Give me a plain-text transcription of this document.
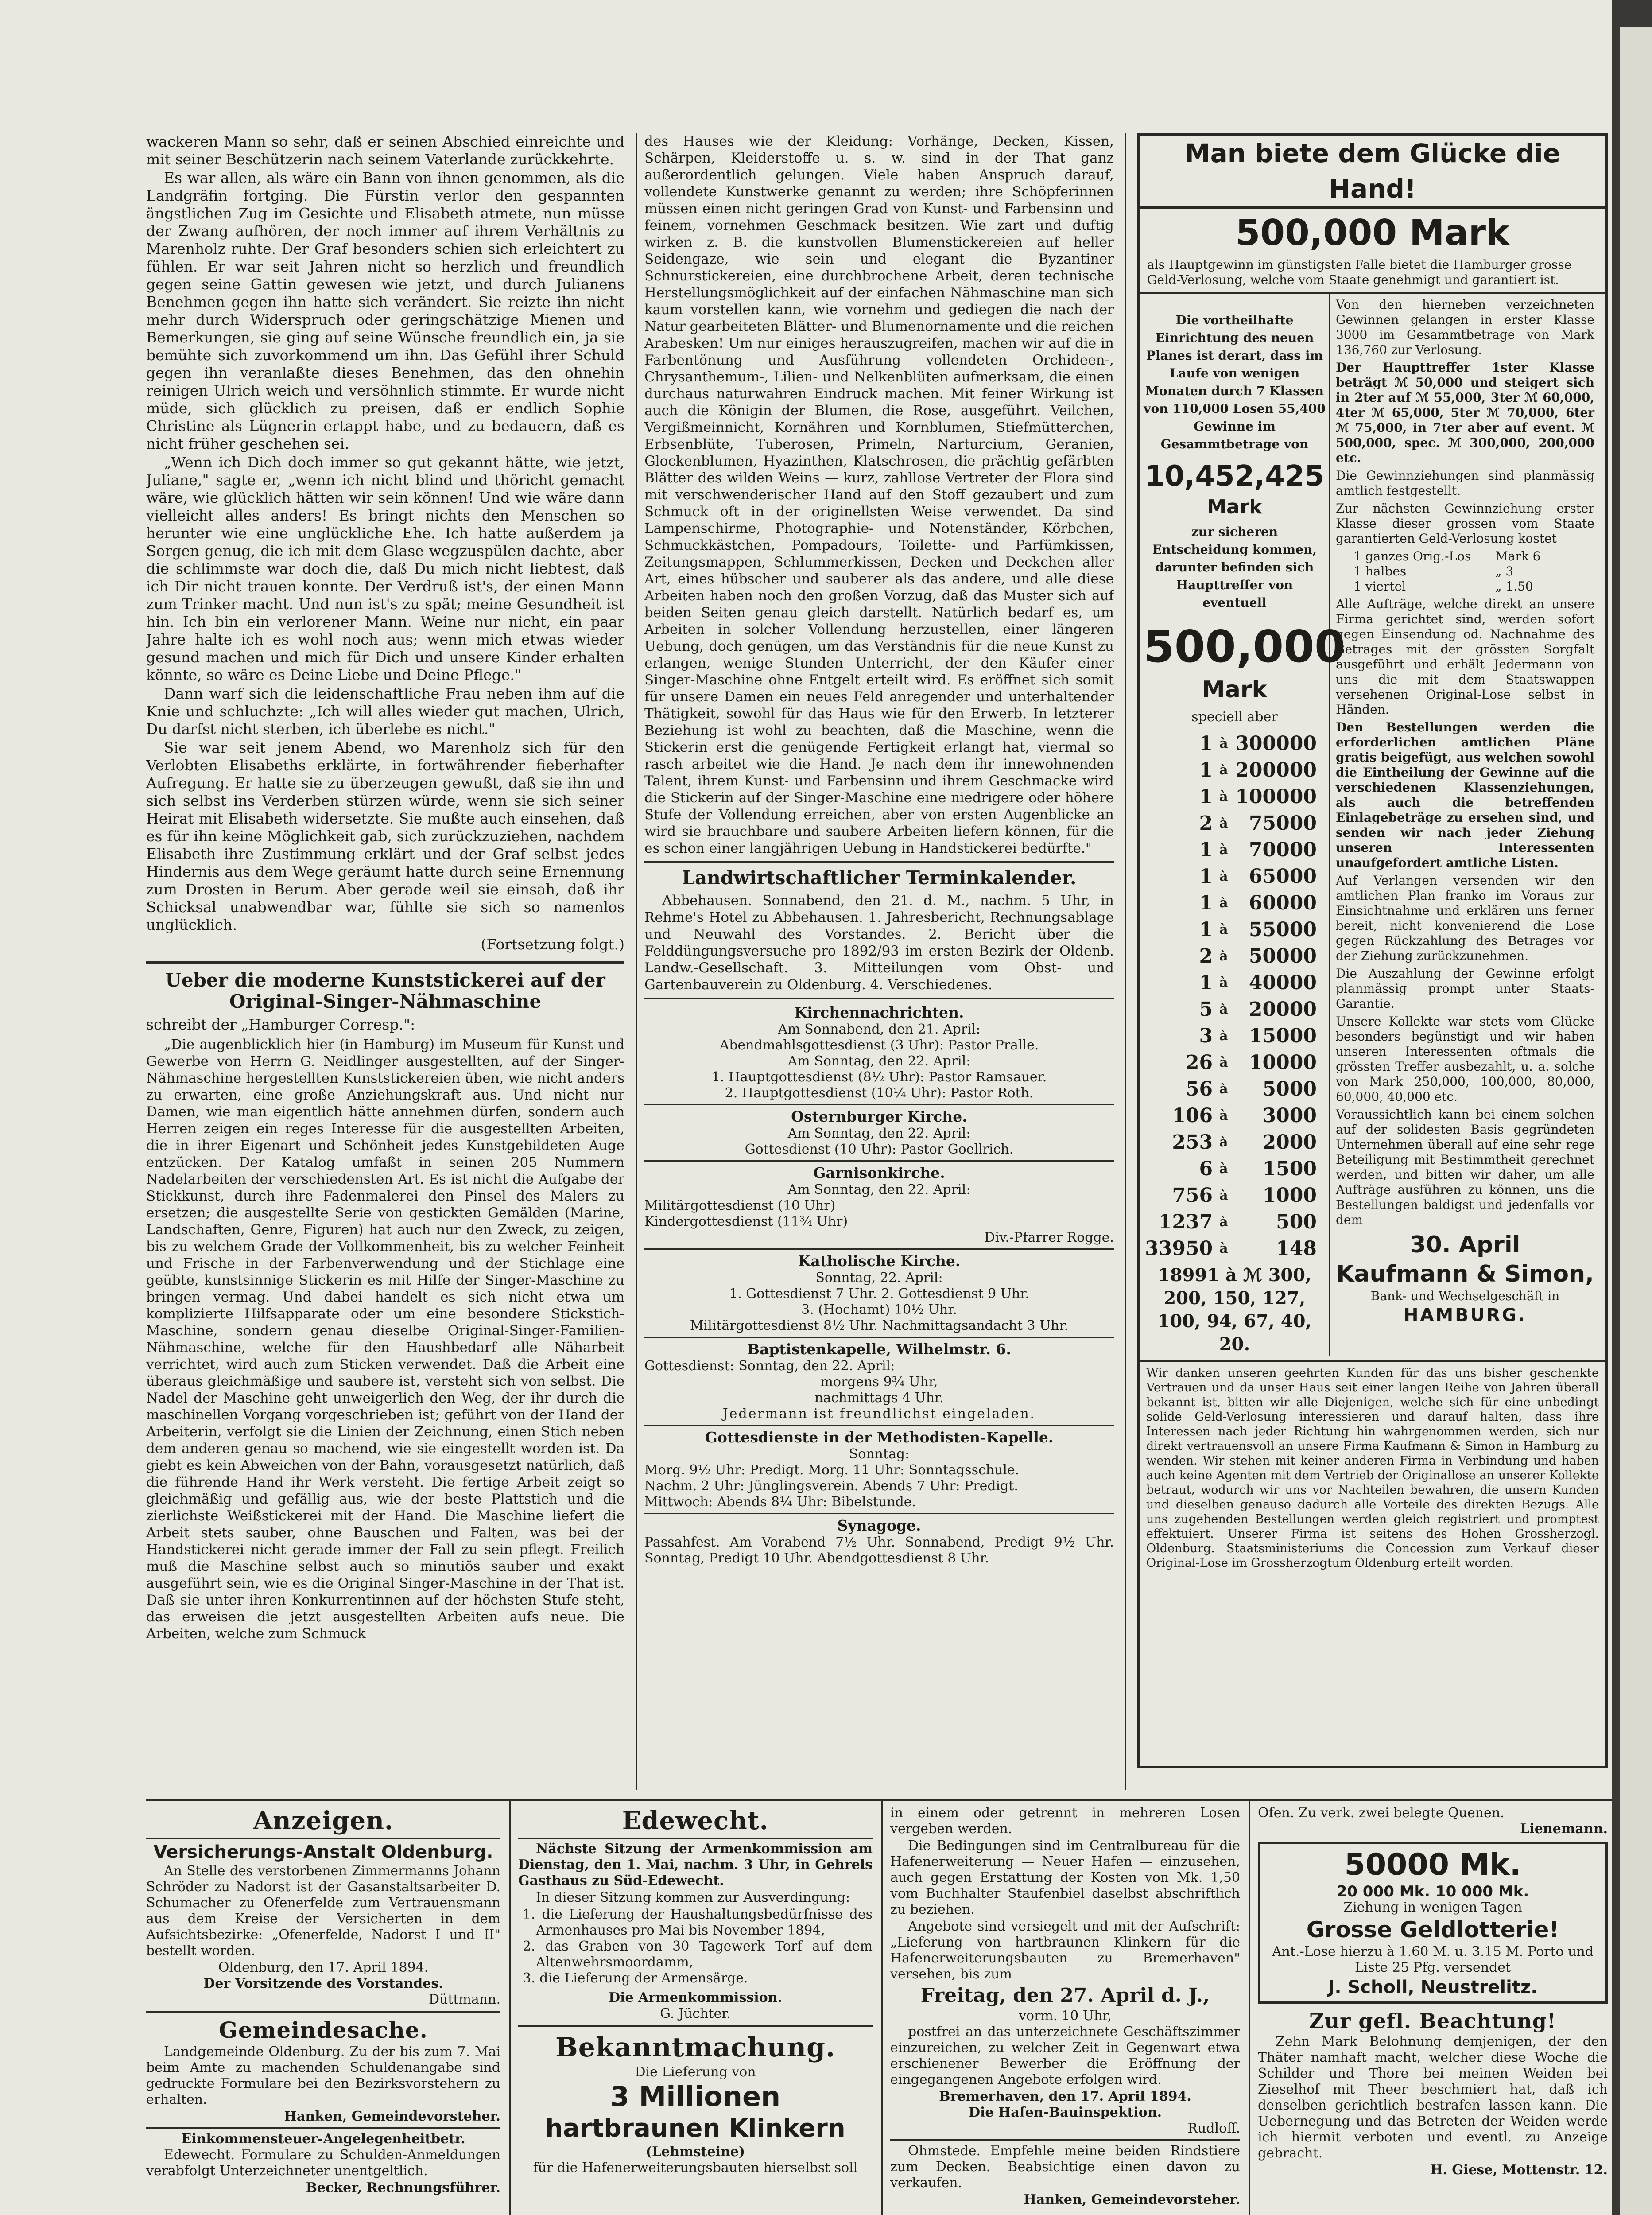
wackeren Mann so sehr, daß er seinen Abschied einreichte und mit seiner Beschützerin nach seinem Vaterlande zurückkehrte.

Es war allen, als wäre ein Bann von ihnen genommen, als die Landgräfin fortging. Die Fürstin verlor den gespannten ängstlichen Zug im Gesichte und Elisabeth atmete, nun müsse der Zwang aufhören, der noch immer auf ihrem Verhältnis zu Marenholz ruhte. Der Graf besonders schien sich erleichtert zu fühlen. Er war seit Jahren nicht so herzlich und freundlich gegen seine Gattin gewesen wie jetzt, und durch Julianens Benehmen gegen ihn hatte sich verändert. Sie reizte ihn nicht mehr durch Widerspruch oder geringschätzige Mienen und Bemerkungen, sie ging auf seine Wünsche freundlich ein, ja sie bemühte sich zuvorkommend um ihn. Das Gefühl ihrer Schuld gegen ihn veranlaßte dieses Benehmen, das den ohnehin reinigen Ulrich weich und versöhnlich stimmte. Er wurde nicht müde, sich glücklich zu preisen, daß er endlich Sophie Christine als Lügnerin ertappt habe, und zu bedauern, daß es nicht früher geschehen sei.

„Wenn ich Dich doch immer so gut gekannt hätte, wie jetzt, Juliane," sagte er, „wenn ich nicht blind und thöricht gemacht wäre, wie glücklich hätten wir sein können! Und wie wäre dann vielleicht alles anders! Es bringt nichts den Menschen so herunter wie eine unglückliche Ehe. Ich hatte außerdem ja Sorgen genug, die ich mit dem Glase wegzuspülen dachte, aber die schlimmste war doch die, daß Du mich nicht liebtest, daß ich Dir nicht trauen konnte. Der Verdruß ist's, der einen Mann zum Trinker macht. Und nun ist's zu spät; meine Gesundheit ist hin. Ich bin ein verlorener Mann. Weine nur nicht, ein paar Jahre halte ich es wohl noch aus; wenn mich etwas wieder gesund machen und mich für Dich und unsere Kinder erhalten könnte, so wäre es Deine Liebe und Deine Pflege."

Dann warf sich die leidenschaftliche Frau neben ihm auf die Knie und schluchzte: „Ich will alles wieder gut machen, Ulrich, Du darfst nicht sterben, ich überlebe es nicht."

Sie war seit jenem Abend, wo Marenholz sich für den Verlobten Elisabeths erklärte, in fortwährender fieberhafter Aufregung. Er hatte sie zu überzeugen gewußt, daß sie ihn und sich selbst ins Verderben stürzen würde, wenn sie sich seiner Heirat mit Elisabeth widersetzte. Sie mußte auch einsehen, daß es für ihn keine Möglichkeit gab, sich zurückzuziehen, nachdem Elisabeth ihre Zustimmung erklärt und der Graf selbst jedes Hindernis aus dem Wege geräumt hatte durch seine Ernennung zum Drosten in Berum. Aber gerade weil sie einsah, daß ihr Schicksal unabwendbar war, fühlte sie sich so namenlos unglücklich.

(Fortsetzung folgt.)
Ueber die moderne Kunststickerei auf der Original-Singer-Nähmaschine
schreibt der „Hamburger Corresp.":

„Die augenblicklich hier (in Hamburg) im Museum für Kunst und Gewerbe von Herrn G. Neidlinger ausgestellten, auf der Singer-Nähmaschine hergestellten Kunststickereien üben, wie nicht anders zu erwarten, eine große Anziehungskraft aus. Und nicht nur Damen, wie man eigentlich hätte annehmen dürfen, sondern auch Herren zeigen ein reges Interesse für die ausgestellten Arbeiten, die in ihrer Eigenart und Schönheit jedes Kunstgebildeten Auge entzücken. Der Katalog umfaßt in seinen 205 Nummern Nadelarbeiten der verschiedensten Art. Es ist nicht die Aufgabe der Stickkunst, durch ihre Fadenmalerei den Pinsel des Malers zu ersetzen; die ausgestellte Serie von gestickten Gemälden (Marine, Landschaften, Genre, Figuren) hat auch nur den Zweck, zu zeigen, bis zu welchem Grade der Vollkommenheit, bis zu welcher Feinheit und Frische in der Farbenverwendung und der Stichlage eine geübte, kunstsinnige Stickerin es mit Hilfe der Singer-Maschine zu bringen vermag. Und dabei handelt es sich nicht etwa um komplizierte Hilfsapparate oder um eine besondere Stickstich-Maschine, sondern genau dieselbe Original-Singer-Familien-Nähmaschine, welche für den Haushbedarf alle Näharbeit verrichtet, wird auch zum Sticken verwendet. Daß die Arbeit eine überaus gleichmäßige und saubere ist, versteht sich von selbst. Die Nadel der Maschine geht unweigerlich den Weg, der ihr durch die maschinellen Vorgang vorgeschrieben ist; geführt von der Hand der Arbeiterin, verfolgt sie die Linien der Zeichnung, einen Stich neben dem anderen genau so machend, wie sie eingestellt worden ist. Da giebt es kein Abweichen von der Bahn, vorausgesetzt natürlich, daß die führende Hand ihr Werk versteht. Die fertige Arbeit zeigt so gleichmäßig und gefällig aus, wie der beste Plattstich und die zierlichste Weißstickerei mit der Hand. Die Maschine liefert die Arbeit stets sauber, ohne Bauschen und Falten, was bei der Handstickerei nicht gerade immer der Fall zu sein pflegt. Freilich muß die Maschine selbst auch so minutiös sauber und exakt ausgeführt sein, wie es die Original Singer-Maschine in der That ist. Daß sie unter ihren Konkurrentinnen auf der höchsten Stufe steht, das erweisen die jetzt ausgestellten Arbeiten aufs neue. Die Arbeiten, welche zum Schmuck

des Hauses wie der Kleidung: Vorhänge, Decken, Kissen, Schärpen, Kleiderstoffe u. s. w. sind in der That ganz außerordentlich gelungen. Viele haben Anspruch darauf, vollendete Kunstwerke genannt zu werden; ihre Schöpferinnen müssen einen nicht geringen Grad von Kunst- und Farbensinn und feinem, vornehmen Geschmack besitzen. Wie zart und duftig wirken z. B. die kunstvollen Blumenstickereien auf heller Seidengaze, wie sein und elegant die Byzantiner Schnurstickereien, eine durchbrochene Arbeit, deren technische Herstellungsmöglichkeit auf der einfachen Nähmaschine man sich kaum vorstellen kann, wie vornehm und gediegen die nach der Natur gearbeiteten Blätter- und Blumenornamente und die reichen Arabesken! Um nur einiges herauszugreifen, machen wir auf die in Farbentönung und Ausführung vollendeten Orchideen-, Chrysanthemum-, Lilien- und Nelkenblüten aufmerksam, die einen durchaus naturwahren Eindruck machen. Mit feiner Wirkung ist auch die Königin der Blumen, die Rose, ausgeführt. Veilchen, Vergißmeinnicht, Kornähren und Kornblumen, Stiefmütterchen, Erbsenblüte, Tuberosen, Primeln, Narturcium, Geranien, Glockenblumen, Hyazinthen, Klatschrosen, die prächtig gefärbten Blätter des wilden Weins — kurz, zahllose Vertreter der Flora sind mit verschwenderischer Hand auf den Stoff gezaubert und zum Schmuck oft in der originellsten Weise verwendet. Da sind Lampenschirme, Photographie- und Notenständer, Körbchen, Schmuckkästchen, Pompadours, Toilette- und Parfümkissen, Zeitungsmappen, Schlummerkissen, Decken und Deckchen aller Art, eines hübscher und sauberer als das andere, und alle diese Arbeiten haben noch den großen Vorzug, daß das Muster sich auf beiden Seiten genau gleich darstellt. Natürlich bedarf es, um Arbeiten in solcher Vollendung herzustellen, einer längeren Uebung, doch genügen, um das Verständnis für die neue Kunst zu erlangen, wenige Stunden Unterricht, der den Käufer einer Singer-Maschine ohne Entgelt erteilt wird. Es eröffnet sich somit für unsere Damen ein neues Feld anregender und unterhaltender Thätigkeit, sowohl für das Haus wie für den Erwerb. In letzterer Beziehung ist wohl zu beachten, daß die Maschine, wenn die Stickerin erst die genügende Fertigkeit erlangt hat, viermal so rasch arbeitet wie die Hand. Je nach dem ihr innewohnenden Talent, ihrem Kunst- und Farbensinn und ihrem Geschmacke wird die Stickerin auf der Singer-Maschine eine niedrigere oder höhere Stufe der Vollendung erreichen, aber von ersten Augenblicke an wird sie brauchbare und saubere Arbeiten liefern können, für die es schon einer langjährigen Uebung in Handstickerei bedürfte."

Landwirtschaftlicher Terminkalender.

Abbehausen. Sonnabend, den 21. d. M., nachm. 5 Uhr, in Rehme's Hotel zu Abbehausen. 1. Jahresbericht, Rechnungsablage und Neuwahl des Vorstandes. 2. Bericht über die Felddüngungsversuche pro 1892/93 im ersten Bezirk der Oldenb. Landw.-Gesellschaft. 3. Mitteilungen vom Obst- und Gartenbauverein zu Oldenburg. 4. Verschiedenes.

Kirchennachrichten.
Am Sonnabend, den 21. April:
Abendmahlsgottesdienst (3 Uhr): Pastor Pralle.
Am Sonntag, den 22. April:
1. Hauptgottesdienst (8½ Uhr): Pastor Ramsauer.
2. Hauptgottesdienst (10¼ Uhr): Pastor Roth.
Osternburger Kirche.
Am Sonntag, den 22. April:
Gottesdienst (10 Uhr): Pastor Goellrich.
Garnisonkirche.
Am Sonntag, den 22. April:
Militärgottesdienst (10 Uhr)
Kindergottesdienst (11¾ Uhr)
Div.-Pfarrer Rogge.
Katholische Kirche.
Sonntag, 22. April:
1. Gottesdienst 7 Uhr. 2. Gottesdienst 9 Uhr.
3. (Hochamt) 10½ Uhr.
Militärgottesdienst 8½ Uhr. Nachmittagsandacht 3 Uhr.
Baptistenkapelle, Wilhelmstr. 6.
Gottesdienst: Sonntag, den 22. April:
morgens 9¾ Uhr,
nachmittags 4 Uhr.
Jedermann ist freundlichst eingeladen.
Gottesdienste in der Methodisten-Kapelle.
Sonntag:
Morg. 9½ Uhr: Predigt. Morg. 11 Uhr: Sonntagsschule.
Nachm. 2 Uhr: Jünglingsverein. Abends 7 Uhr: Predigt.
Mittwoch: Abends 8¼ Uhr: Bibelstunde.
Synagoge.
Passahfest. Am Vorabend 7½ Uhr. Sonnabend, Predigt 9½ Uhr. Sonntag, Predigt 10 Uhr. Abendgottesdienst 8 Uhr.
Man biete dem Glücke die Hand!
500,000 Mark
als Hauptgewinn im günstigsten Falle bietet die Hamburger grosse Geld-Verlosung, welche vom Staate genehmigt und garantiert ist.
Die vortheilhafte Einrichtung des neuen Planes ist derart, dass im Laufe von wenigen Monaten durch 7 Klassen von 110,000 Losen 55,400 Gewinne im Gesammtbetrage von
10,452,425
Mark
zur sicheren Entscheidung kommen, darunter befinden sich Haupttreffer von eventuell
500,000
Mark
speciell aber
1	à	300000
1	à	200000
1	à	100000
2	à	75000
1	à	70000
1	à	65000
1	à	60000
1	à	55000
2	à	50000
1	à	40000
5	à	20000
3	à	15000
26	à	10000
56	à	5000
106	à	3000
253	à	2000
6	à	1500
756	à	1000
1237	à	500
33950	à	148
18991 à ℳ 300, 200, 150, 127, 100, 94, 67, 40, 20.

Von den hierneben verzeichneten Gewinnen gelangen in erster Klasse 3000 im Gesammtbetrage von Mark 136,760 zur Verlosung.

Der Haupttreffer 1ster Klasse beträgt ℳ 50,000 und steigert sich in 2ter auf ℳ 55,000, 3ter ℳ 60,000, 4ter ℳ 65,000, 5ter ℳ 70,000, 6ter ℳ 75,000, in 7ter aber auf event. ℳ 500,000, spec. ℳ 300,000, 200,000 etc.

Die Gewinnziehungen sind planmässig amtlich festgestellt.

Zur nächsten Gewinnziehung erster Klasse dieser grossen vom Staate garantierten Geld-Verlosung kostet

1 ganzes Orig.-Los	Mark 6
1 halbes	„ 3
1 viertel	„ 1.50

Alle Aufträge, welche direkt an unsere Firma gerichtet sind, werden sofort gegen Einsendung od. Nachnahme des Betrages mit der grössten Sorgfalt ausgeführt und erhält Jedermann von uns die mit dem Staatswappen versehenen Original-Lose selbst in Händen.

Den Bestellungen werden die erforderlichen amtlichen Pläne gratis beigefügt, aus welchen sowohl die Eintheilung der Gewinne auf die verschiedenen Klassenziehungen, als auch die betreffenden Einlagebeträge zu ersehen sind, und senden wir nach jeder Ziehung unseren Interessenten unaufgefordert amtliche Listen.

Auf Verlangen versenden wir den amtlichen Plan franko im Voraus zur Einsichtnahme und erklären uns ferner bereit, nicht konvenierend die Lose gegen Rückzahlung des Betrages vor der Ziehung zurückzunehmen.

Die Auszahlung der Gewinne erfolgt planmässig prompt unter Staats-Garantie.

Unsere Kollekte war stets vom Glücke besonders begünstigt und wir haben unseren Interessenten oftmals die grössten Treffer ausbezahlt, u. a. solche von Mark 250,000, 100,000, 80,000, 60,000, 40,000 etc.

Voraussichtlich kann bei einem solchen auf der solidesten Basis gegründeten Unternehmen überall auf eine sehr rege Beteiligung mit Bestimmtheit gerechnet werden, und bitten wir daher, um alle Aufträge ausführen zu können, uns die Bestellungen baldigst und jedenfalls vor dem

30. April
Kaufmann & Simon,
Bank- und Wechselgeschäft in
HAMBURG.
Wir danken unseren geehrten Kunden für das uns bisher geschenkte Vertrauen und da unser Haus seit einer langen Reihe von Jahren überall bekannt ist, bitten wir alle Diejenigen, welche sich für eine unbedingt solide Geld-Verlosung interessieren und darauf halten, dass ihre Interessen nach jeder Richtung hin wahrgenommen werden, sich nur direkt vertrauensvoll an unsere Firma Kaufmann & Simon in Hamburg zu wenden. Wir stehen mit keiner anderen Firma in Verbindung und haben auch keine Agenten mit dem Vertrieb der Originallose an unserer Kollekte betraut, wodurch wir uns vor Nachteilen bewahren, die unsern Kunden und dieselben genauso dadurch alle Vorteile des direkten Bezugs. Alle uns zugehenden Bestellungen werden gleich registriert und promptest effektuiert. Unserer Firma ist seitens des Hohen Grossherzogl. Oldenburg. Staatsministeriums die Concession zum Verkauf dieser Original-Lose im Grossherzogtum Oldenburg erteilt worden.
Anzeigen.
Versicherungs-Anstalt Oldenburg.

An Stelle des verstorbenen Zimmermanns Johann Schröder zu Nadorst ist der Gasanstaltsarbeiter D. Schumacher zu Ofenerfelde zum Vertrauensmann aus dem Kreise der Versicherten in dem Aufsichtsbezirke: „Ofenerfelde, Nadorst I und II" bestellt worden.

Oldenburg, den 17. April 1894.
Der Vorsitzende des Vorstandes.
Düttmann.
Gemeindesache.

Landgemeinde Oldenburg. Zu der bis zum 7. Mai beim Amte zu machenden Schuldenangabe sind gedruckte Formulare bei den Bezirksvorstehern zu erhalten.

Hanken, Gemeindevorsteher.
Einkommensteuer-Angelegenheitbetr.

Edewecht. Formulare zu Schulden-Anmeldungen verabfolgt Unterzeichneter unentgeltlich.

Becker, Rechnungsführer.
Edewecht.

Nächste Sitzung der Armenkommission am Dienstag, den 1. Mai, nachm. 3 Uhr, in Gehrels Gasthaus zu Süd-Edewecht.

In dieser Sitzung kommen zur Ausverdingung:

1. die Lieferung der Haushaltungsbedürfnisse des Armenhauses pro Mai bis November 1894,
2. das Graben von 30 Tagewerk Torf auf dem Altenwehrsmoordamm,
3. die Lieferung der Armensärge.
Die Armenkommission.
G. Jüchter.
Bekanntmachung.
Die Lieferung von
3 Millionen
hartbraunen Klinkern
(Lehmsteine)
für die Hafenerweiterungsbauten hierselbst soll

in einem oder getrennt in mehreren Losen vergeben werden.

Die Bedingungen sind im Centralbureau für die Hafenerweiterung — Neuer Hafen — einzusehen, auch gegen Erstattung der Kosten von Mk. 1,50 vom Buchhalter Staufenbiel daselbst abschriftlich zu beziehen.

Angebote sind versiegelt und mit der Aufschrift: „Lieferung von hartbraunen Klinkern für die Hafenerweiterungsbauten zu Bremerhaven" versehen, bis zum

Freitag, den 27. April d. J.,
vorm. 10 Uhr,

postfrei an das unterzeichnete Geschäftszimmer einzureichen, zu welcher Zeit in Gegenwart etwa erschienener Bewerber die Eröffnung der eingegangenen Angebote erfolgen wird.

Bremerhaven, den 17. April 1894.
Die Hafen-Bauinspektion.
Rudloff.

Ohmstede. Empfehle meine beiden Rindstiere zum Decken. Beabsichtige einen davon zu verkaufen.

Hanken, Gemeindevorsteher.
Ofen. Zu verk. zwei belegte Quenen.
Lienemann.
50000 Mk.
20 000 Mk. 10 000 Mk.
Ziehung in wenigen Tagen
Grosse Geldlotterie!
Ant.-Lose hierzu à 1.60 M. u. 3.15 M. Porto und Liste 25 Pfg. versendet
J. Scholl, Neustrelitz.
Zur gefl. Beachtung!

Zehn Mark Belohnung demjenigen, der den Thäter namhaft macht, welcher diese Woche die Schilder und Thore bei meinen Weiden bei Zieselhof mit Theer beschmiert hat, daß ich denselben gerichtlich bestrafen lassen kann. Die Uebernegung und das Betreten der Weiden werde ich hiermit verboten und eventl. zu Anzeige gebracht.

H. Giese, Mottenstr. 12.
